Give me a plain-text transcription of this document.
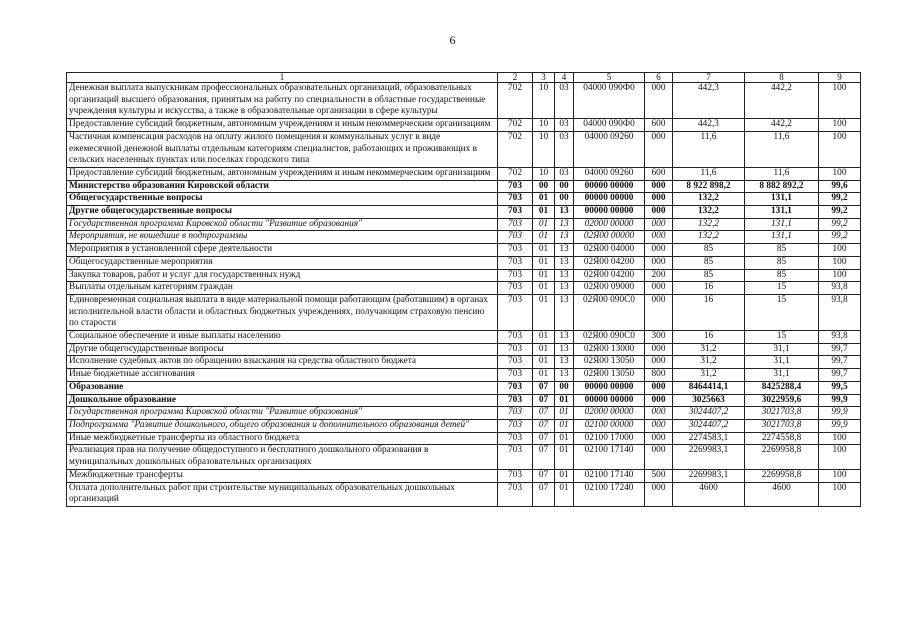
6
1	2	3	4	5	6	7	8	9
Денежная выплата выпускникам профессиональных образовательных организаций, образовательных организаций высшего образования, принятым на работу по специальности в областные государственные учреждения культуры и искусства, а также в образовательные организации в сфере культуры	702	10	03	04000 090Ф0	000	442,3	442,2	100
Предоставление субсидий бюджетным, автономным учреждениям и иным некоммерческим организациям	702	10	03	04000 090Ф0	600	442,3	442,2	100
Частичная компенсация расходов на оплату жилого помещения и коммунальных услуг в виде ежемесячной денежной выплаты отдельным категориям специалистов, работающих и проживающих в сельских населенных пунктах или поселках городского типа	702	10	03	04000 09260	000	11,6	11,6	100
Предоставление субсидий бюджетным, автономным учреждениям и иным некоммерческим организациям	702	10	03	04000 09260	600	11,6	11,6	100
Министерство образования Кировской области	703	00	00	00000 00000	000	8 922 898,2	8 882 892,2	99,6
Общегосударственные вопросы	703	01	00	00000 00000	000	132,2	131,1	99,2
Другие общегосударственные вопросы	703	01	13	00000 00000	000	132,2	131,1	99,2
Государственная программа Кировской области "Развитие образования"	703	01	13	02000 00000	000	132,2	131,1	99,2
Мероприятия, не вошедшие в подпрограммы	703	01	13	02Я00 00000	000	132,2	131,1	99,2
Мероприятия в установленной сфере деятельности	703	01	13	02Я00 04000	000	85	85	100
Общегосударственные мероприятия	703	01	13	02Я00 04200	000	85	85	100
Закупка товаров, работ и услуг для государственных нужд	703	01	13	02Я00 04200	200	85	85	100
Выплаты отдельным категориям граждан	703	01	13	02Я00 09000	000	16	15	93,8
Единовременная социальная выплата в виде материальной помощи работающим (работавшим) в органах исполнительной власти области и областных бюджетных учреждениях, получающим страховую пенсию по старости	703	01	13	02Я00 090С0	000	16	15	93,8
Социальное обеспечение и иные выплаты населению	703	01	13	02Я00 090С0	300	16	15	93,8
Другие общегосударственные вопросы	703	01	13	02Я00 13000	000	31,2	31,1	99,7
Исполнение судебных актов по обращению взыскания на средства областного бюджета	703	01	13	02Я00 13050	000	31,2	31,1	99,7
Иные бюджетные ассигнования	703	01	13	02Я00 13050	800	31,2	31,1	99,7
Образование	703	07	00	00000 00000	000	8464414,1	8425288,4	99,5
Дошкольное образование	703	07	01	00000 00000	000	3025663	3022959,6	99,9
Государственная программа Кировской области "Развитие образования"	703	07	01	02000 00000	000	3024407,2	3021703,8	99,9
Подпрограмма "Развитие дошкольного, общего образования и дополнительного образования детей"	703	07	01	02100 00000	000	3024407,2	3021703,8	99,9
Иные межбюджетные трансферты из областного бюджета	703	07	01	02100 17000	000	2274583,1	2274558,8	100
Реализация прав на получение общедоступного и бесплатного дошкольного образования в муниципальных дошкольных образовательных организациях	703	07	01	02100 17140	000	2269983,1	2269958,8	100
Межбюджетные трансферты	703	07	01	02100 17140	500	2269983,1	2269958,8	100
Оплата дополнительных работ при строительстве муниципальных образовательных дошкольных организаций	703	07	01	02100 17240	000	4600	4600	100
